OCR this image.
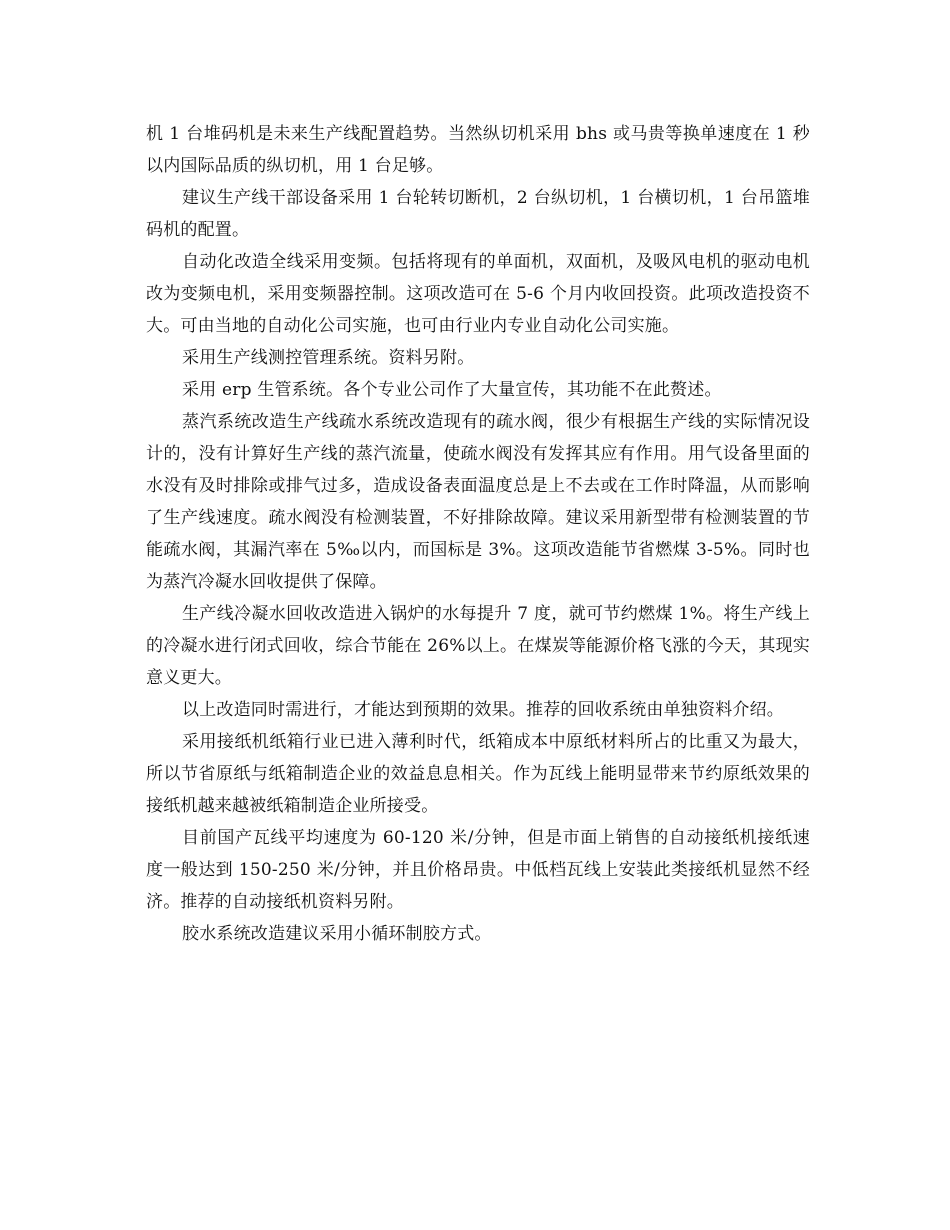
机 1 台堆码机是未来生产线配置趋势。当然纵切机采用 bhs 或马贵等换单速度在 1 秒以内国际品质的纵切机，用 1 台足够。

建议生产线干部设备采用 1 台轮转切断机，2 台纵切机，1 台横切机，1 台吊篮堆码机的配置。

自动化改造全线采用变频。包括将现有的单面机，双面机，及吸风电机的驱动电机改为变频电机，采用变频器控制。这项改造可在 5-6 个月内收回投资。此项改造投资不大。可由当地的自动化公司实施，也可由行业内专业自动化公司实施。

采用生产线测控管理系统。资料另附。

采用 erp 生管系统。各个专业公司作了大量宣传，其功能不在此赘述。

蒸汽系统改造生产线疏水系统改造现有的疏水阀，很少有根据生产线的实际情况设计的，没有计算好生产线的蒸汽流量，使疏水阀没有发挥其应有作用。用气设备里面的水没有及时排除或排气过多，造成设备表面温度总是上不去或在工作时降温，从而影响了生产线速度。疏水阀没有检测装置，不好排除故障。建议采用新型带有检测装置的节能疏水阀，其漏汽率在 5‰以内，而国标是 3%。这项改造能节省燃煤 3-5%。同时也为蒸汽冷凝水回收提供了保障。

生产线冷凝水回收改造进入锅炉的水每提升 7 度，就可节约燃煤 1%。将生产线上的冷凝水进行闭式回收，综合节能在 26%以上。在煤炭等能源价格飞涨的今天，其现实意义更大。

以上改造同时需进行，才能达到预期的效果。推荐的回收系统由单独资料介绍。

采用接纸机纸箱行业已进入薄利时代，纸箱成本中原纸材料所占的比重又为最大，所以节省原纸与纸箱制造企业的效益息息相关。作为瓦线上能明显带来节约原纸效果的接纸机越来越被纸箱制造企业所接受。

目前国产瓦线平均速度为 60-120 米/分钟，但是市面上销售的自动接纸机接纸速度一般达到 150-250 米/分钟，并且价格昂贵。中低档瓦线上安装此类接纸机显然不经济。推荐的自动接纸机资料另附。

胶水系统改造建议采用小循环制胶方式。
